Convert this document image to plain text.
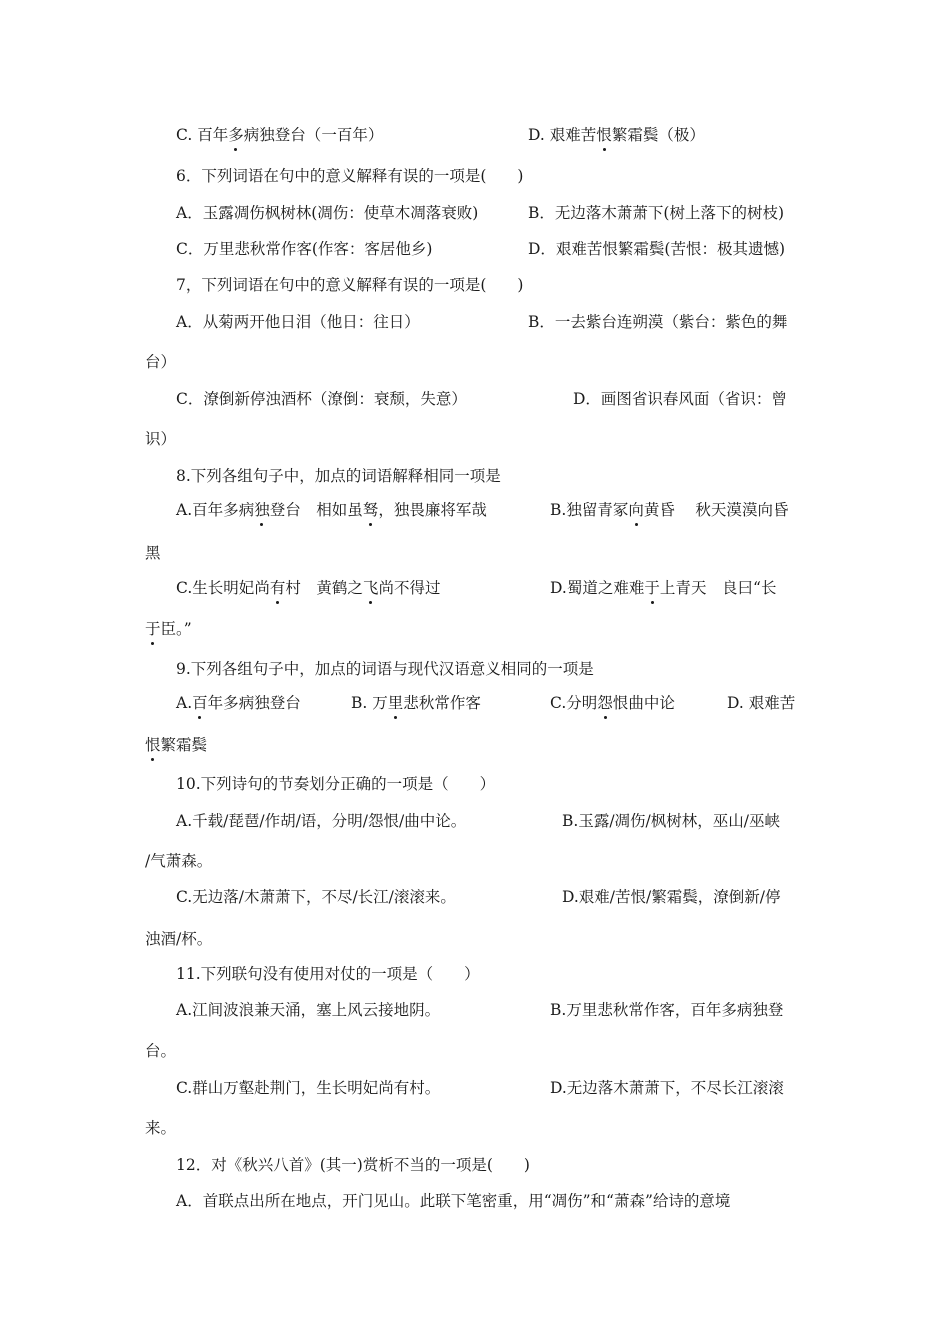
C. 百年多病独登台（一百年）	D. 艰难苦恨繁霜鬓（极）
6．下列词语在句中的意义解释有误的一项是(　　)
A．玉露凋伤枫树林(凋伤：使草木凋落衰败)	B．无边落木萧萧下(树上落下的树枝)
C．万里悲秋常作客(作客：客居他乡)	D．艰难苦恨繁霜鬓(苦恨：极其遗憾)
7，下列词语在句中的意义解释有误的一项是(　　)
A．从菊两开他日泪（他日：往日）	B．一去紫台连朔漠（紫台：紫色的舞
台）
C．潦倒新停浊酒杯（潦倒：衰颓，失意）	D．画图省识春风面（省识：曾
识）
8.下列各组句子中，加点的词语解释相同一项是
A.百年多病独登台　 相如虽驽，独畏廉将军哉	B.独留青冢向黄昏　 秋天漠漠向昏
黑
C.生长明妃尚有村　 黄鹤之飞尚不得过	D.蜀道之难难于上青天　 良曰“长
于臣。”
9.下列各组句子中，加点的词语与现代汉语意义相同的一项是
A.百年多病独登台	B. 万里悲秋常作客	C.分明怨恨曲中论	D. 艰难苦
恨繁霜鬓
10.下列诗句的节奏划分正确的一项是（　　）
A.千载/琵琶/作胡/语，分明/怨恨/曲中论。	B.玉露/凋伤/枫树林，巫山/巫峡
/气萧森。
C.无边落/木萧萧下，不尽/长江/滚滚来。	D.艰难/苦恨/繁霜鬓，潦倒新/停
浊酒/杯。
11.下列联句没有使用对仗的一项是（　　）
A.江间波浪兼天涌，塞上风云接地阴。	B.万里悲秋常作客，百年多病独登
台。
C.群山万壑赴荆门，生长明妃尚有村。	D.无边落木萧萧下，不尽长江滚滚
来。
12．对《秋兴八首》(其一)赏析不当的一项是(　　)
A．首联点出所在地点，开门见山。此联下笔密重，用“凋伤”和“萧森”给诗的意境
